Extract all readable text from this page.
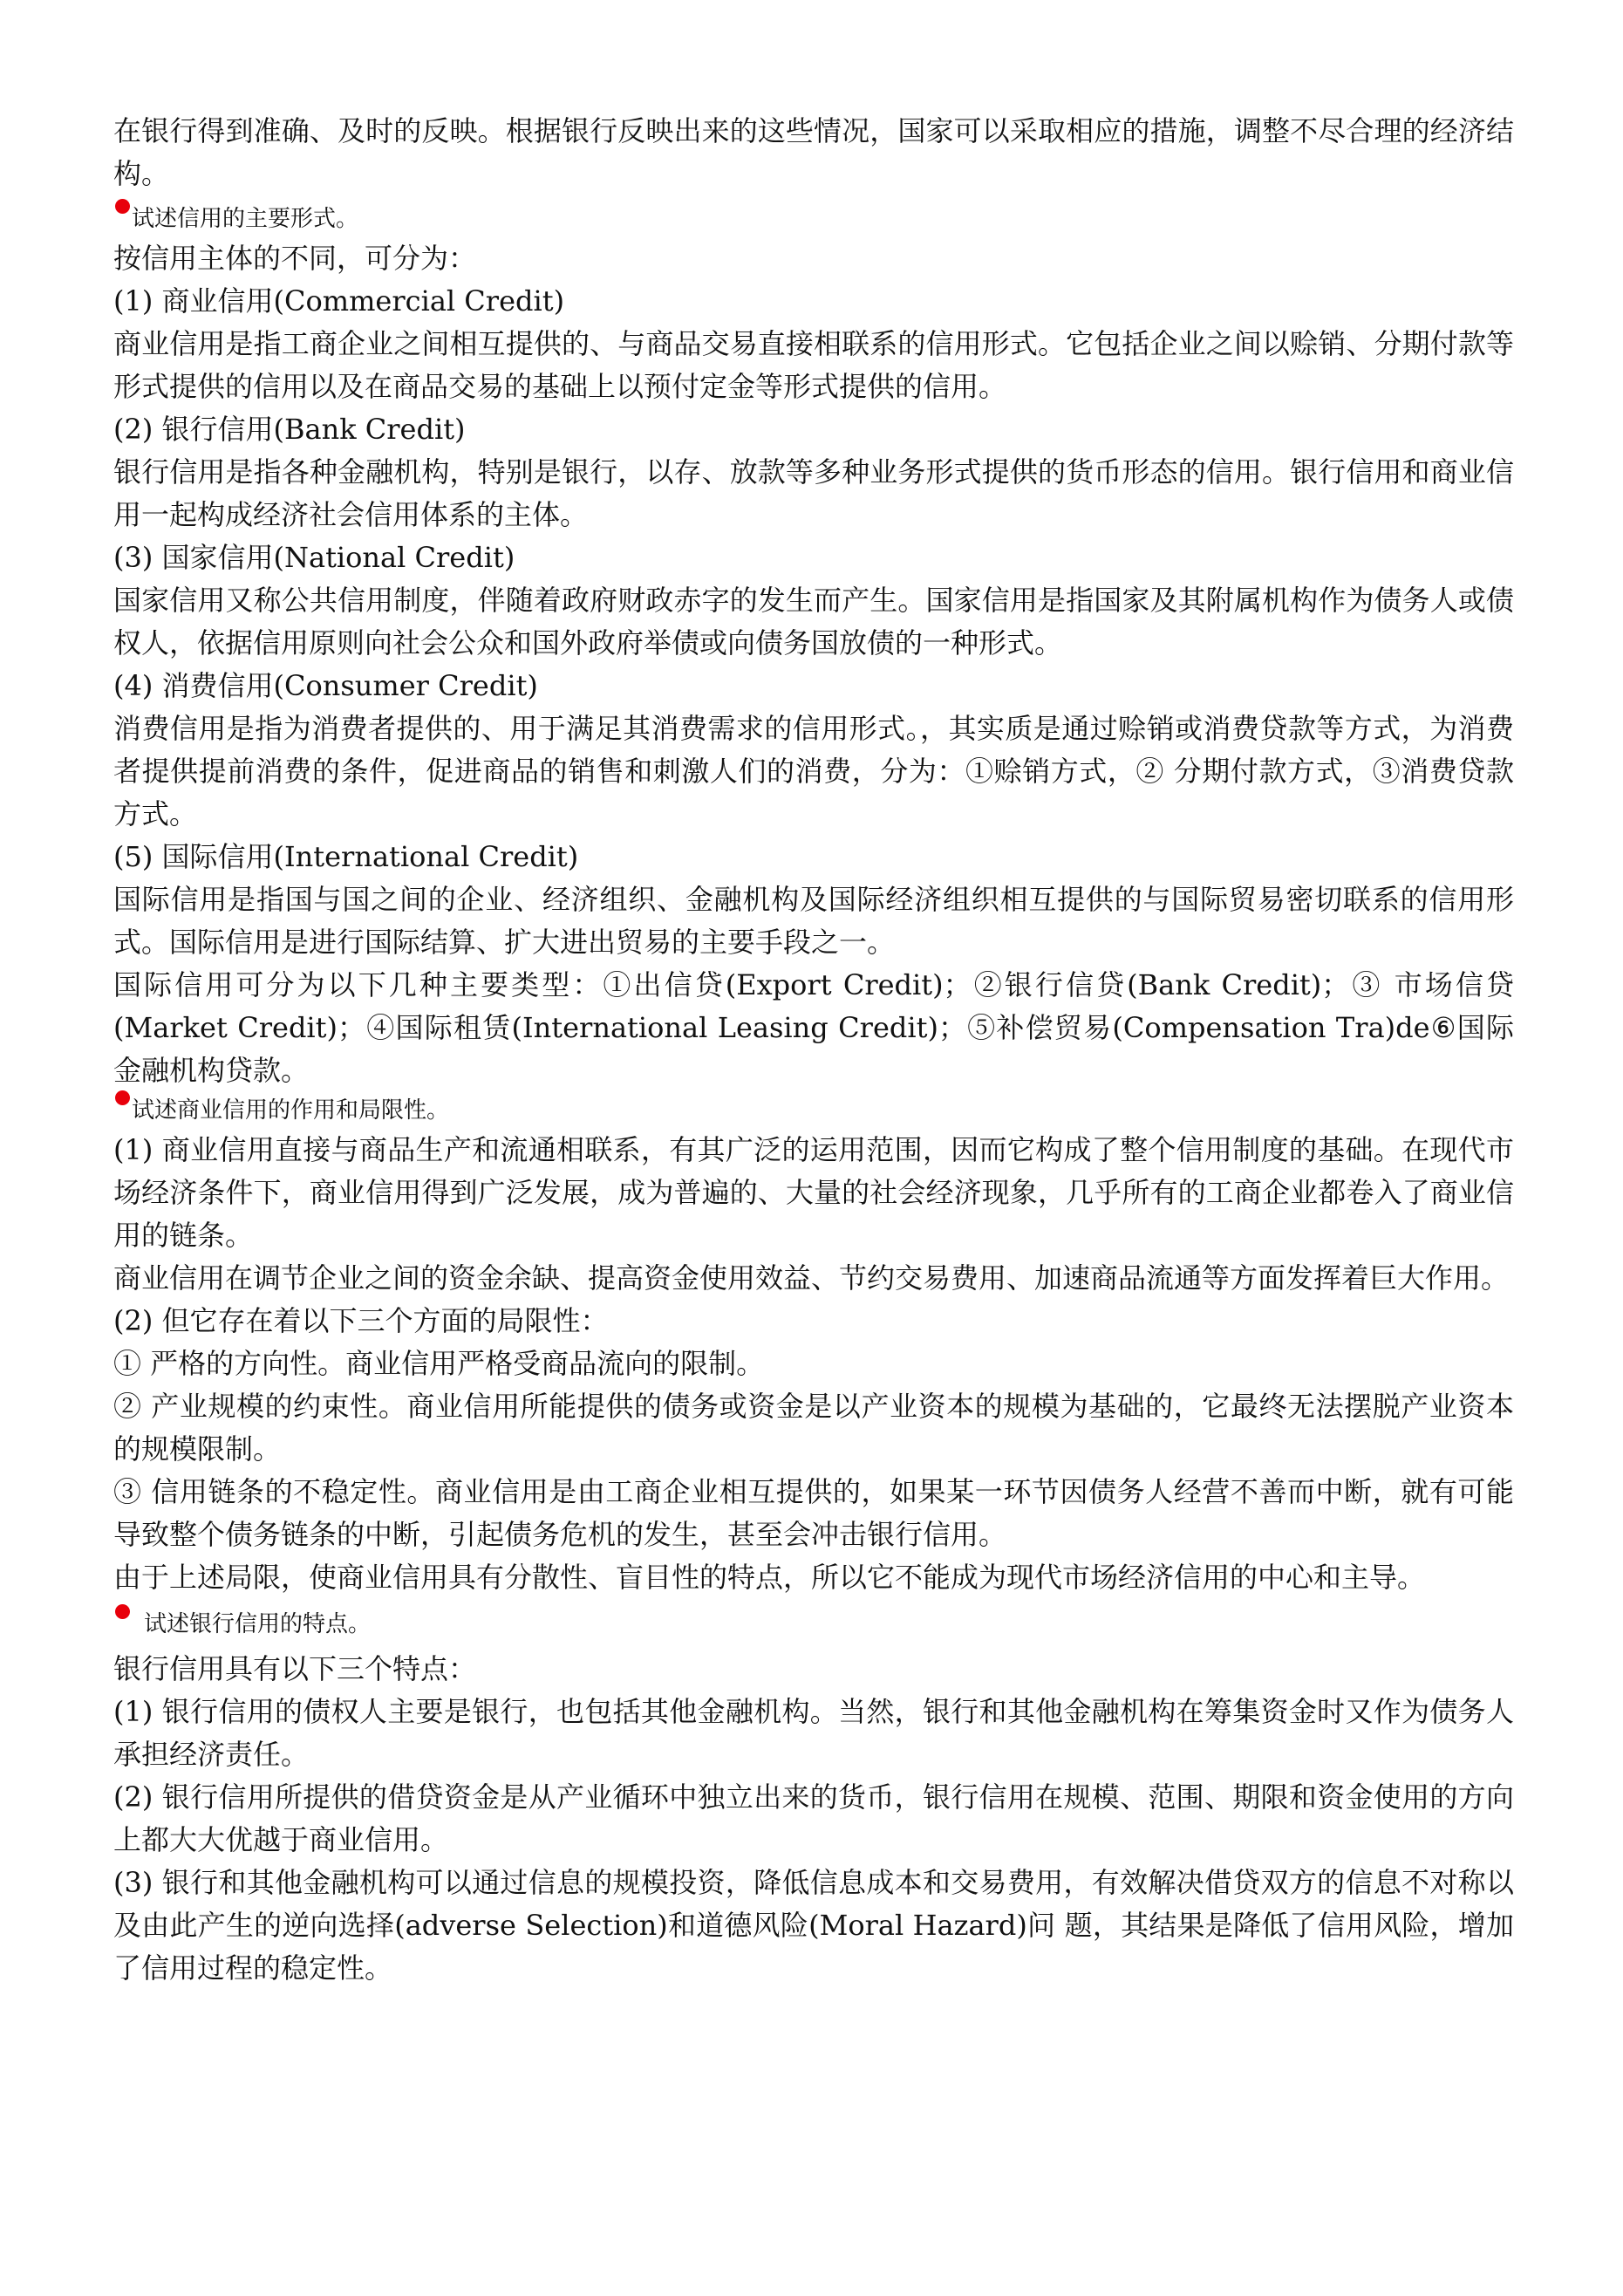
在银行得到准确、及时的反映。根据银行反映出来的这些情况，国家可以采取相应的措施，调整不尽合理的经济结构。

试述信用的主要形式。

按信用主体的不同，可分为：

(1) 商业信用(Commercial Credit)

商业信用是指工商企业之间相互提供的、与商品交易直接相联系的信用形式。它包括企业之间以赊销、分期付款等形式提供的信用以及在商品交易的基础上以预付定金等形式提供的信用。

(2) 银行信用(Bank Credit)

银行信用是指各种金融机构，特别是银行，以存、放款等多种业务形式提供的货币形态的信用。银行信用和商业信用一起构成经济社会信用体系的主体。

(3) 国家信用(National Credit)

国家信用又称公共信用制度，伴随着政府财政赤字的发生而产生。国家信用是指国家及其附属机构作为债务人或债权人，依据信用原则向社会公众和国外政府举债或向债务国放债的一种形式。

(4) 消费信用(Consumer Credit)

消费信用是指为消费者提供的、用于满足其消费需求的信用形式。，其实质是通过赊销或消费贷款等方式，为消费者提供提前消费的条件，促进商品的销售和刺激人们的消费，分为：①赊销方式，② 分期付款方式，③消费贷款方式。

(5) 国际信用(International Credit)

国际信用是指国与国之间的企业、经济组织、金融机构及国际经济组织相互提供的与国际贸易密切联系的信用形式。国际信用是进行国际结算、扩大进出贸易的主要手段之一。

国际信用可分为以下几种主要类型：①出信贷(Export Credit)；②银行信贷(Bank Credit)；③ 市场信贷(Market Credit)；④国际租赁(International Leasing Credit)；⑤补偿贸易(Compensation Tra)de⑥国际金融机构贷款。

试述商业信用的作用和局限性。

(1) 商业信用直接与商品生产和流通相联系，有其广泛的运用范围，因而它构成了整个信用制度的基础。在现代市场经济条件下，商业信用得到广泛发展，成为普遍的、大量的社会经济现象，几乎所有的工商企业都卷入了商业信用的链条。

商业信用在调节企业之间的资金余缺、提高资金使用效益、节约交易费用、加速商品流通等方面发挥着巨大作用。

(2) 但它存在着以下三个方面的局限性：

① 严格的方向性。商业信用严格受商品流向的限制。

② 产业规模的约束性。商业信用所能提供的债务或资金是以产业资本的规模为基础的，它最终无法摆脱产业资本的规模限制。

③ 信用链条的不稳定性。商业信用是由工商企业相互提供的，如果某一环节因债务人经营不善而中断，就有可能导致整个债务链条的中断，引起债务危机的发生，甚至会冲击银行信用。

由于上述局限，使商业信用具有分散性、盲目性的特点，所以它不能成为现代市场经济信用的中心和主导。

试述银行信用的特点。

银行信用具有以下三个特点：

(1) 银行信用的债权人主要是银行，也包括其他金融机构。当然，银行和其他金融机构在筹集资金时又作为债务人承担经济责任。

(2) 银行信用所提供的借贷资金是从产业循环中独立出来的货币，银行信用在规模、范围、期限和资金使用的方向上都大大优越于商业信用。

(3) 银行和其他金融机构可以通过信息的规模投资，降低信息成本和交易费用，有效解决借贷双方的信息不对称以及由此产生的逆向选择(adverse Selection)和道德风险(Moral Hazard)问 题，其结果是降低了信用风险，增加了信用过程的稳定性。
